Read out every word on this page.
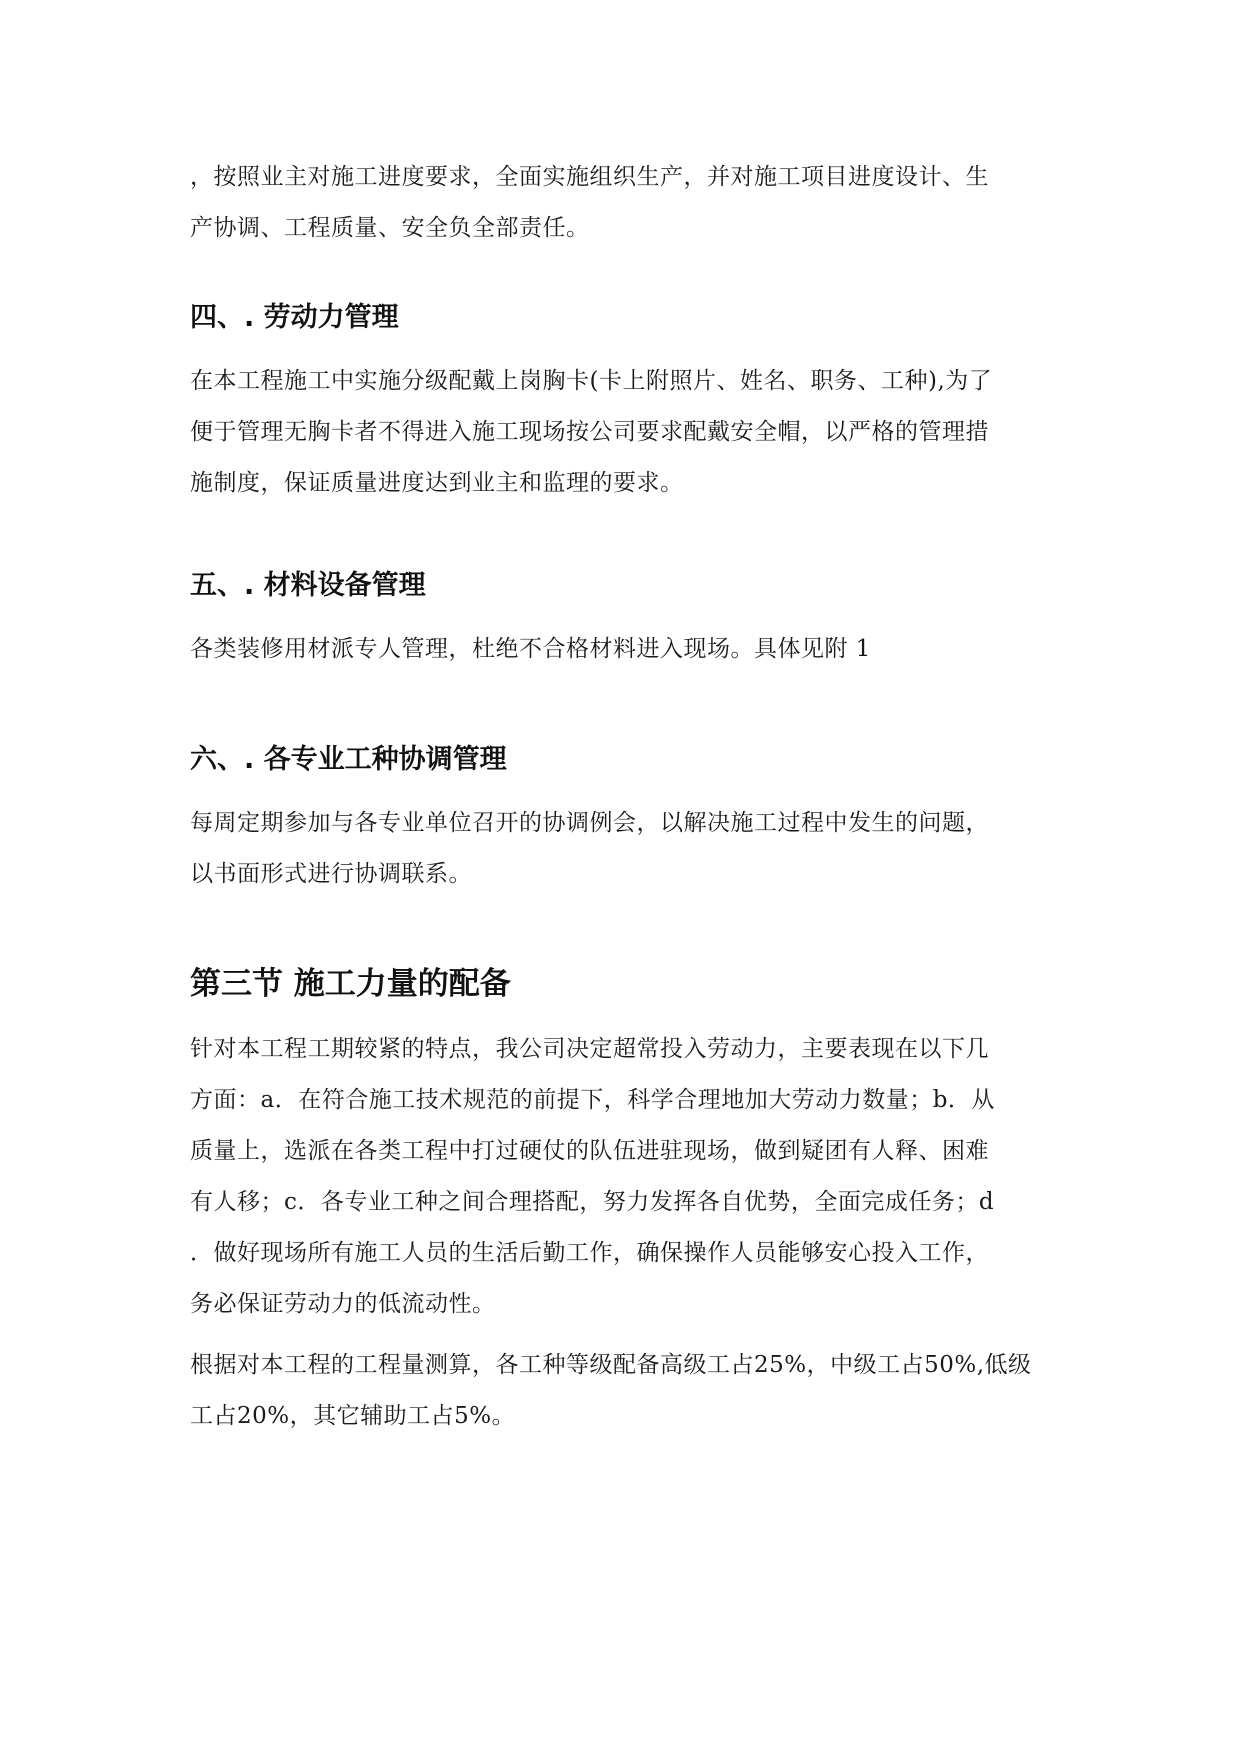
，按照业主对施工进度要求，全面实施组织生产，并对施工项目进度设计、生
产协调、工程质量、安全负全部责任。

四、. 劳动力管理

在本工程施工中实施分级配戴上岗胸卡(卡上附照片、姓名、职务、工种),为了
便于管理无胸卡者不得进入施工现场按公司要求配戴安全帽，以严格的管理措
施制度，保证质量进度达到业主和监理的要求。

五、. 材料设备管理

各类装修用材派专人管理，杜绝不合格材料进入现场。具体见附 1

六、. 各专业工种协调管理

每周定期参加与各专业单位召开的协调例会，以解决施工过程中发生的问题，
以书面形式进行协调联系。

第三节 施工力量的配备

针对本工程工期较紧的特点，我公司决定超常投入劳动力，主要表现在以下几
方面：a．在符合施工技术规范的前提下，科学合理地加大劳动力数量；b．从
质量上，选派在各类工程中打过硬仗的队伍进驻现场，做到疑团有人释、困难
有人移；c．各专业工种之间合理搭配，努力发挥各自优势，全面完成任务；d
．做好现场所有施工人员的生活后勤工作，确保操作人员能够安心投入工作，
务必保证劳动力的低流动性。

根据对本工程的工程量测算，各工种等级配备高级工占25%，中级工占50%,低级
工占20%，其它辅助工占5%。
